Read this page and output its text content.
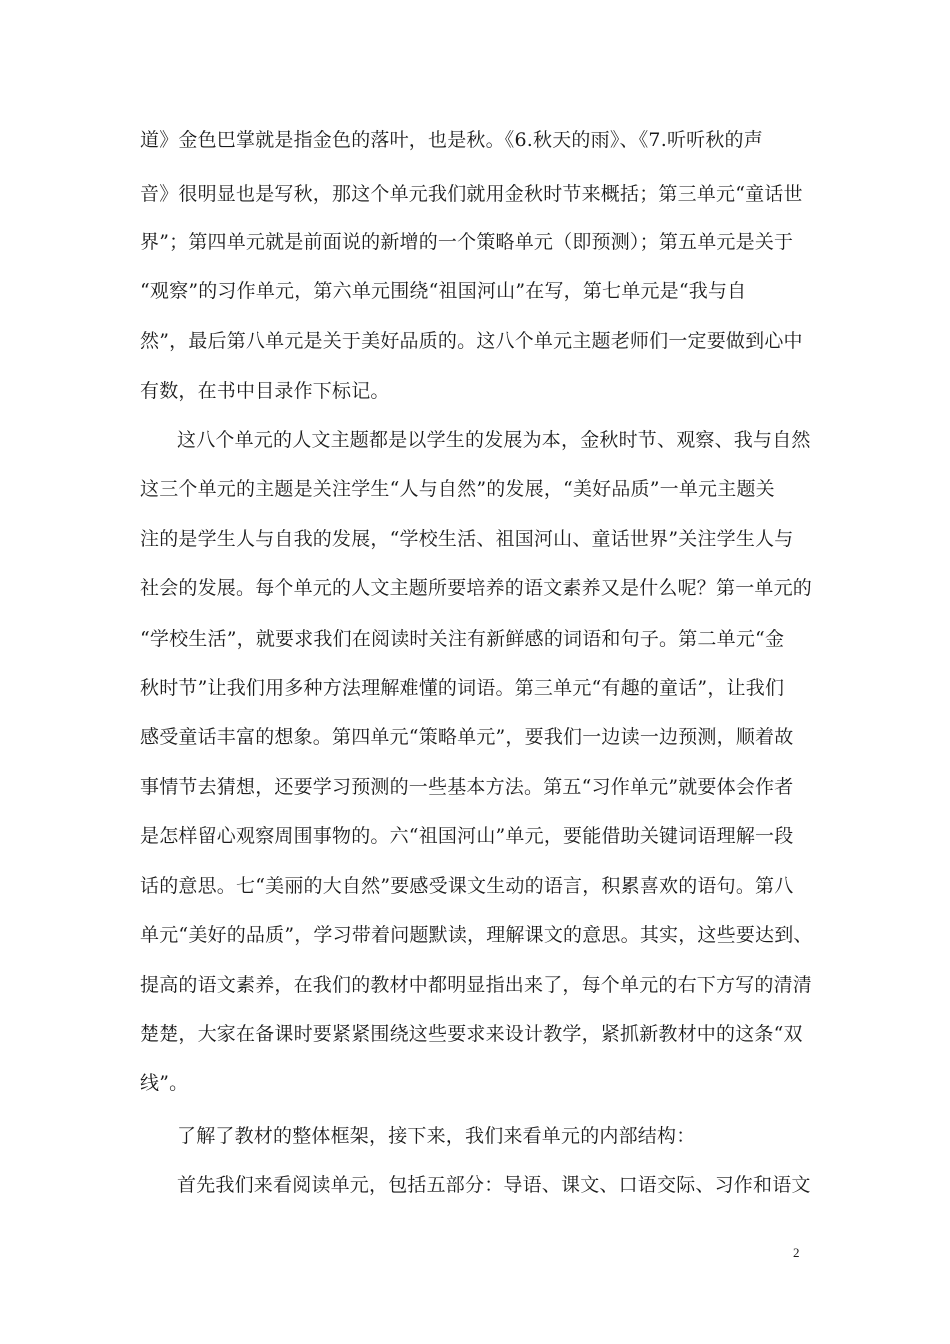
道》金色巴掌就是指金色的落叶，也是秋。《6.秋天的雨》、《7.听听秋的声
音》很明显也是写秋，那这个单元我们就用金秋时节来概括；第三单元“童话世
界”；第四单元就是前面说的新增的一个策略单元（即预测）；第五单元是关于
“观察”的习作单元，第六单元围绕“祖国河山”在写，第七单元是“我与自
然”，最后第八单元是关于美好品质的。这八个单元主题老师们一定要做到心中
有数，在书中目录作下标记。
这八个单元的人文主题都是以学生的发展为本，金秋时节、观察、我与自然
这三个单元的主题是关注学生“人与自然”的发展，“美好品质”一单元主题关
注的是学生人与自我的发展，“学校生活、祖国河山、童话世界”关注学生人与
社会的发展。每个单元的人文主题所要培养的语文素养又是什么呢？第一单元的
“学校生活”，就要求我们在阅读时关注有新鲜感的词语和句子。第二单元“金
秋时节”让我们用多种方法理解难懂的词语。第三单元“有趣的童话”，让我们
感受童话丰富的想象。第四单元“策略单元”，要我们一边读一边预测，顺着故
事情节去猜想，还要学习预测的一些基本方法。第五“习作单元”就要体会作者
是怎样留心观察周围事物的。六“祖国河山”单元，要能借助关键词语理解一段
话的意思。七“美丽的大自然”要感受课文生动的语言，积累喜欢的语句。第八
单元“美好的品质”，学习带着问题默读，理解课文的意思。其实，这些要达到、
提高的语文素养，在我们的教材中都明显指出来了，每个单元的右下方写的清清
楚楚，大家在备课时要紧紧围绕这些要求来设计教学，紧抓新教材中的这条“双
线”。
了解了教材的整体框架，接下来，我们来看单元的内部结构：
首先我们来看阅读单元，包括五部分：导语、课文、口语交际、习作和语文
2
